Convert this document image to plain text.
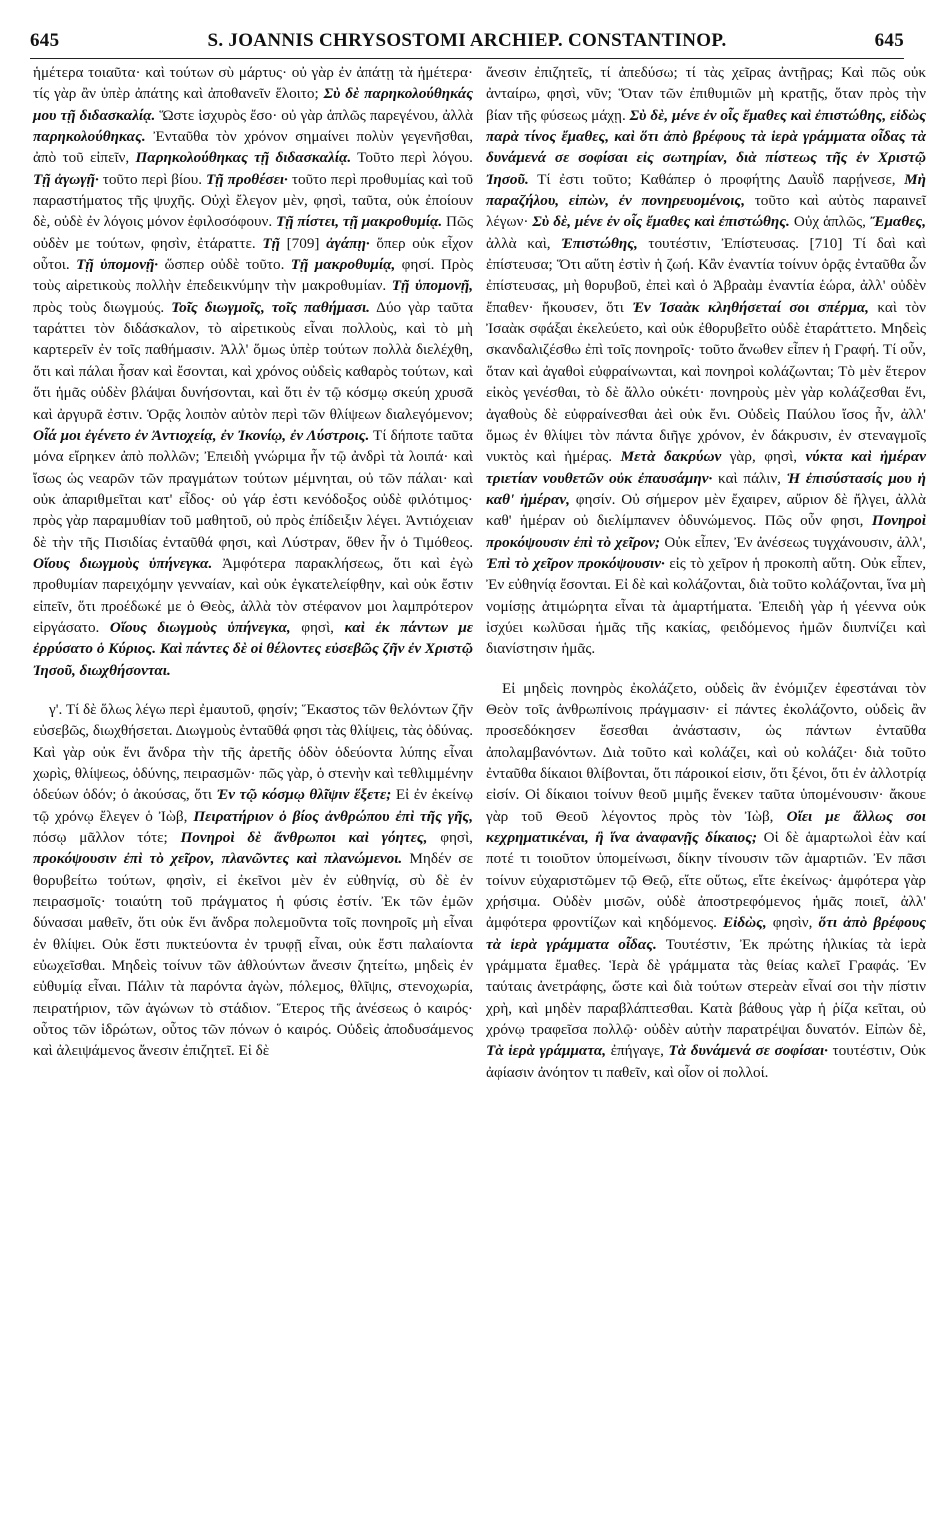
645	S. JOANNIS CHRYSOSTOMI ARCHIEP. CONSTANTINOP.	645

ἡμέτερα τοιαῦτα· καὶ τούτων σὺ μάρτυς· οὐ γὰρ ἐν ἀπάτῃ τὰ ἡμέτερα· τίς γὰρ ἂν ὑπὲρ ἀπάτης καὶ ἀποθανεῖν ἕλοιτο; Σὺ δὲ παρηκολούθηκάς μου τῇ διδασκαλίᾳ. Ὥστε ἰσχυρὸς ἔσο· οὐ γὰρ ἁπλῶς παρεγένου, ἀλλὰ παρηκολούθηκας. Ἐνταῦθα τὸν χρόνον σημαίνει πολὺν γεγενῆσθαι, ἀπὸ τοῦ εἰπεῖν, Παρηκολούθηκας τῇ διδασκαλίᾳ. Τοῦτο περὶ λόγου. Τῇ ἀγωγῇ· τοῦτο περὶ βίου. Τῇ προθέσει· τοῦτο περὶ προθυμίας καὶ τοῦ παραστήματος τῆς ψυχῆς. Οὐχὶ ἔλεγον μὲν, φησὶ, ταῦτα, οὐκ ἐποίουν δὲ, οὐδὲ ἐν λόγοις μόνον ἐφιλοσόφουν. Τῇ πίστει, τῇ μακροθυμίᾳ. Πῶς οὐδὲν με τούτων, φησὶν, ἐτάραττε. Τῇ [709] ἀγάπῃ· ὅπερ οὐκ εἶχον οὗτοι. Τῇ ὑπομονῇ· ὥσπερ οὐδὲ τοῦτο. Τῇ μακροθυμίᾳ, φησί. Πρὸς τοὺς αἱρετικοὺς πολλὴν ἐπεδεικνύμην τὴν μακροθυμίαν. Τῇ ὑπομονῇ, πρὸς τοὺς διωγμούς. Τοῖς διωγμοῖς, τοῖς παθήμασι. Δύο γὰρ ταῦτα ταράττει τὸν διδάσκαλον, τὸ αἱρετικοὺς εἶναι πολλοὺς, καὶ τὸ μὴ καρτερεῖν ἐν τοῖς παθήμασιν. Ἀλλ' ὅμως ὑπὲρ τούτων πολλὰ διελέχθη, ὅτι καὶ πάλαι ἦσαν καὶ ἔσονται, καὶ χρόνος οὐδεὶς καθαρὸς τούτων, καὶ ὅτι ἡμᾶς οὐδὲν βλάψαι δυνήσονται, καὶ ὅτι ἐν τῷ κόσμῳ σκεύη χρυσᾶ καὶ ἀργυρᾶ ἐστιν. Ὁρᾷς λοιπὸν αὐτὸν περὶ τῶν θλίψεων διαλεγόμενον; Οἷά μοι ἐγένετο ἐν Ἀντιοχείᾳ, ἐν Ἰκονίῳ, ἐν Λύστροις. Τί δήποτε ταῦτα μόνα εἴρηκεν ἀπὸ πολλῶν; Ἐπειδὴ γνώριμα ἦν τῷ ἀνδρὶ τὰ λοιπά· καὶ ἴσως ὡς νεαρῶν τῶν πραγμάτων τούτων μέμνηται, οὐ τῶν πάλαι· καὶ οὐκ ἀπαριθμεῖται κατ' εἶδος· οὐ γάρ ἐστι κενόδοξος οὐδὲ φιλότιμος· πρὸς γὰρ παραμυθίαν τοῦ μαθητοῦ, οὐ πρὸς ἐπίδειξιν λέγει. Ἀντιόχειαν δὲ τὴν τῆς Πισιδίας ἐνταῦθά φησι, καὶ Λύστραν, ὅθεν ἦν ὁ Τιμόθεος. Οἵους διωγμοὺς ὑπήνεγκα. Ἀμφότερα παρακλήσεως, ὅτι καὶ ἐγὼ προθυμίαν παρειχόμην γενναίαν, καὶ οὐκ ἐγκατελείφθην, καὶ οὐκ ἔστιν εἰπεῖν, ὅτι προέδωκέ με ὁ Θεὸς, ἀλλὰ τὸν στέφανον μοι λαμπρότερον εἰργάσατο. Οἵους διωγμοὺς ὑπήνεγκα, φησὶ, καὶ ἐκ πάντων με ἐρρύσατο ὁ Κύριος. Καὶ πάντες δὲ οἱ θέλοντες εὐσεβῶς ζῆν ἐν Χριστῷ Ἰησοῦ, διωχθήσονται.

γ'. Τί δὲ ὅλως λέγω περὶ ἐμαυτοῦ, φησίν; Ἕκαστος τῶν θελόντων ζῆν εὐσεβῶς, διωχθήσεται. Διωγμοὺς ἐνταῦθά φησι τὰς θλίψεις, τὰς ὀδύνας. Καὶ γὰρ οὐκ ἔνι ἄνδρα τὴν τῆς ἀρετῆς ὁδὸν ὁδεύοντα λύπης εἶναι χωρὶς, θλίψεως, ὀδύνης, πειρασμῶν· πῶς γὰρ, ὁ στενὴν καὶ τεθλιμμένην ὁδεύων ὁδόν; ὁ ἀκούσας, ὅτι Ἐν τῷ κόσμῳ θλῖψιν ἕξετε; Εἰ ἐν ἐκείνῳ τῷ χρόνῳ ἔλεγεν ὁ Ἰὼβ, Πειρατήριον ὁ βίος ἀνθρώπου ἐπὶ τῆς γῆς, πόσῳ μᾶλλον τότε; Πονηροὶ δὲ ἄνθρωποι καὶ γόητες, φησὶ, προκόψουσιν ἐπὶ τὸ χεῖρον, πλανῶντες καὶ πλανώμενοι. Μηδέν σε θορυβείτω τούτων, φησὶν, εἰ ἐκεῖνοι μὲν ἐν εὐθηνίᾳ, σὺ δὲ ἐν πειρασμοῖς· τοιαύτη τοῦ πράγματος ἡ φύσις ἐστίν. Ἐκ τῶν ἐμῶν δύνασαι μαθεῖν, ὅτι οὐκ ἔνι ἄνδρα πολεμοῦντα τοῖς πονηροῖς μὴ εἶναι ἐν θλίψει. Οὐκ ἔστι πυκτεύοντα ἐν τρυφῇ εἶναι, οὐκ ἔστι παλαίοντα εὐωχεῖσθαι. Μηδεὶς τοίνυν τῶν ἀθλούντων ἄνεσιν ζητείτω, μηδεὶς ἐν εὐθυμίᾳ εἶναι. Πάλιν τὰ παρόντα ἀγὼν, πόλεμος, θλῖψις, στενοχωρία, πειρατήριον, τῶν ἀγώνων τὸ στάδιον. Ἕτερος τῆς ἀνέσεως ὁ καιρός· οὗτος τῶν ἱδρώτων, οὗτος τῶν πόνων ὁ καιρός. Οὐδεὶς ἀποδυσάμενος καὶ ἀλειψάμενος ἄνεσιν ἐπιζητεῖ. Εἰ δὲ

ἄνεσιν ἐπιζητεῖς, τί ἀπεδύσω; τί τὰς χεῖρας ἀντῇρας; Καὶ πῶς οὐκ ἀνταίρω, φησὶ, νῦν; Ὅταν τῶν ἐπιθυμιῶν μὴ κρατῇς, ὅταν πρὸς τὴν βίαν τῆς φύσεως μάχῃ. Σὺ δὲ, μένε ἐν οἷς ἔμαθες καὶ ἐπιστώθης, εἰδὼς παρὰ τίνος ἔμαθες, καὶ ὅτι ἀπὸ βρέφους τὰ ἱερὰ γράμματα οἶδας τὰ δυνάμενά σε σοφίσαι εἰς σωτηρίαν, διὰ πίστεως τῆς ἐν Χριστῷ Ἰησοῦ. Τί ἐστι τοῦτο; Καθάπερ ὁ προφήτης Δαυῒδ παρῄνεσε, Μὴ παραζήλου, εἰπὼν, ἐν πονηρευομένοις, τοῦτο καὶ αὐτὸς παραινεῖ λέγων· Σὺ δὲ, μένε ἐν οἷς ἔμαθες καὶ ἐπιστώθης. Οὐχ ἁπλῶς, Ἔμαθες, ἀλλὰ καὶ, Ἐπιστώθης, τουτέστιν, Ἐπίστευσας. [710] Τί δαὶ καὶ ἐπίστευσα; Ὅτι αὕτη ἐστὶν ἡ ζωή. Κἂν ἐναντία τοίνυν ὁρᾷς ἐνταῦθα ὧν ἐπίστευσας, μὴ θορυβοῦ, ἐπεὶ καὶ ὁ Ἀβραὰμ ἐναντία ἑώρα, ἀλλ' οὐδὲν ἔπαθεν· ἤκουσεν, ὅτι Ἐν Ἰσαὰκ κληθήσεταί σοι σπέρμα, καὶ τὸν Ἰσαὰκ σφάξαι ἐκελεύετο, καὶ οὐκ ἐθορυβεῖτο οὐδὲ ἐταράττετο. Μηδεὶς σκανδαλιζέσθω ἐπὶ τοῖς πονηροῖς· τοῦτο ἄνωθεν εἶπεν ἡ Γραφή. Τί οὖν, ὅταν καὶ ἀγαθοὶ εὐφραίνωνται, καὶ πονηροὶ κολάζωνται; Τὸ μὲν ἕτερον εἰκὸς γενέσθαι, τὸ δὲ ἄλλο οὐκέτι· πονηροὺς μὲν γὰρ κολάζεσθαι ἔνι, ἀγαθοὺς δὲ εὐφραίνεσθαι ἀεὶ οὐκ ἔνι. Οὐδεὶς Παύλου ἴσος ἦν, ἀλλ' ὅμως ἐν θλίψει τὸν πάντα διῆγε χρόνον, ἐν δάκρυσιν, ἐν στεναγμοῖς νυκτὸς καὶ ἡμέρας. Μετὰ δακρύων γὰρ, φησὶ, νύκτα καὶ ἡμέραν τριετίαν νουθετῶν οὐκ ἐπαυσάμην· καὶ πάλιν, Ἡ ἐπισύστασίς μου ἡ καθ' ἡμέραν, φησίν. Οὐ σήμερον μὲν ἔχαιρεν, αὔριον δὲ ἤλγει, ἀλλὰ καθ' ἡμέραν οὐ διελίμπανεν ὀδυνώμενος. Πῶς οὖν φησι, Πονηροὶ προκόψουσιν ἐπὶ τὸ χεῖρον; Οὐκ εἶπεν, Ἐν ἀνέσεως τυγχάνουσιν, ἀλλ', Ἐπὶ τὸ χεῖρον προκόψουσιν· εἰς τὸ χεῖρον ἡ προκοπὴ αὕτη. Οὐκ εἶπεν, Ἐν εὐθηνίᾳ ἔσονται. Εἰ δὲ καὶ κολάζονται, διὰ τοῦτο κολάζονται, ἵνα μὴ νομίσῃς ἀτιμώρητα εἶναι τὰ ἁμαρτήματα. Ἐπειδὴ γὰρ ἡ γέεννα οὐκ ἰσχύει κωλῦσαι ἡμᾶς τῆς κακίας, φειδόμενος ἡμῶν διυπνίζει καὶ διανίστησιν ἡμᾶς.

Εἰ μηδεὶς πονηρὸς ἐκολάζετο, οὐδεὶς ἂν ἐνόμιζεν ἐφεστάναι τὸν Θεὸν τοῖς ἀνθρωπίνοις πράγμασιν· εἰ πάντες ἐκολάζοντο, οὐδεὶς ἂν προσεδόκησεν ἔσεσθαι ἀνάστασιν, ὡς πάντων ἐνταῦθα ἀπολαμβανόντων. Διὰ τοῦτο καὶ κολάζει, καὶ οὐ κολάζει· διὰ τοῦτο ἐνταῦθα δίκαιοι θλίβονται, ὅτι πάροικοί εἰσιν, ὅτι ξένοι, ὅτι ἐν ἀλλοτρίᾳ εἰσίν. Οἱ δίκαιοι τοίνυν θεοῦ μιμῆς ἕνεκεν ταῦτα ὑπομένουσιν· ἄκουε γὰρ τοῦ Θεοῦ λέγοντος πρὸς τὸν Ἰὼβ, Οἴει με ἄλλως σοι κεχρηματικέναι, ἢ ἵνα ἀναφανῇς δίκαιος; Οἱ δὲ ἁμαρτωλοὶ ἐὰν καί ποτέ τι τοιοῦτον ὑπομείνωσι, δίκην τίνουσιν τῶν ἁμαρτιῶν. Ἐν πᾶσι τοίνυν εὐχαριστῶμεν τῷ Θεῷ, εἴτε οὕτως, εἴτε ἐκείνως· ἀμφότερα γὰρ χρήσιμα. Οὐδὲν μισῶν, οὐδὲ ἀποστρεφόμενος ἡμᾶς ποιεῖ, ἀλλ' ἀμφότερα φροντίζων καὶ κηδόμενος. Εἰδὼς, φησὶν, ὅτι ἀπὸ βρέφους τὰ ἱερὰ γράμματα οἶδας. Τουτέστιν, Ἐκ πρώτης ἡλικίας τὰ ἱερὰ γράμματα ἔμαθες. Ἱερὰ δὲ γράμματα τὰς θείας καλεῖ Γραφάς. Ἐν ταύταις ἀνετράφης, ὥστε καὶ διὰ τούτων στερεὰν εἶναί σοι τὴν πίστιν χρὴ, καὶ μηδὲν παραβλάπτεσθαι. Κατὰ βάθους γὰρ ἡ ῥίζα κεῖται, οὐ χρόνῳ τραφεῖσα πολλῷ· οὐδὲν αὐτὴν παρατρέψαι δυνατόν. Εἰπὼν δὲ, Τὰ ἱερὰ γράμματα, ἐπήγαγε, Τὰ δυνάμενά σε σοφίσαι· τουτέστιν, Οὐκ ἀφίασιν ἀνόητον τι παθεῖν, καὶ οἷον οἱ πολλοί.
